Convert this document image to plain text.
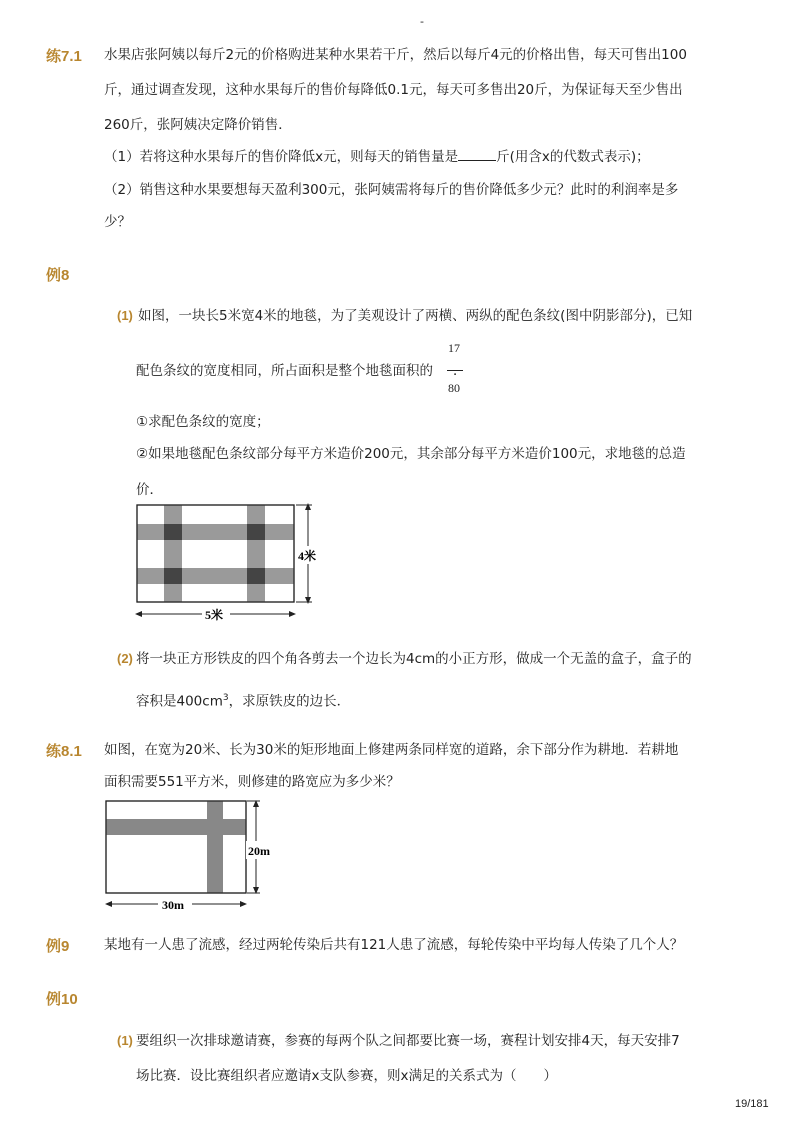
-
练7.1 水果店张阿姨以每斤2元的价格购进某种水果若干斤，然后以每斤4元的价格出售，每天可售出100
斤，通过调查发现，这种水果每斤的售价每降低0.1元，每天可多售出20斤，为保证每天至少售出
260斤，张阿姨决定降价销售．
（1）若将这种水果每斤的售价降低x元，则每天的销售量是	斤(用含x的代数式表示)；
（2）销售这种水果要想每天盈利300元，张阿姨需将每斤的售价降低多少元？此时的利润率是多
少？
例8
(1) 如图，一块长5米宽4米的地毯，为了美观设计了两横、两纵的配色条纹(图中阴影部分)，已知
配色条纹的宽度相同，所占面积是整个地毯面积的 ．
17
80
①求配色条纹的宽度；
②如果地毯配色条纹部分每平方米造价200元，其余部分每平方米造价100元，求地毯的总造
价．
4米
5米
(2) 将一块正方形铁皮的四个角各剪去一个边长为4cm的小正方形，做成一个无盖的盒子，盒子的
容积是$400cm^3$，求原铁皮的边长．
练8.1 如图，在宽为20米、长为30米的矩形地面上修建两条同样宽的道路，余下部分作为耕地．若耕地
面积需要551平方米，则修建的路宽应为多少米？
20m
30m
例9	某地有一人患了流感，经过两轮传染后共有121人患了流感，每轮传染中平均每人传染了几个人？
例10
(1) 要组织一次排球邀请赛，参赛的每两个队之间都要比赛一场，赛程计划安排4天，每天安排7
场比赛．设比赛组织者应邀请x支队参赛，则x满足的关系式为（　　）
19/181
